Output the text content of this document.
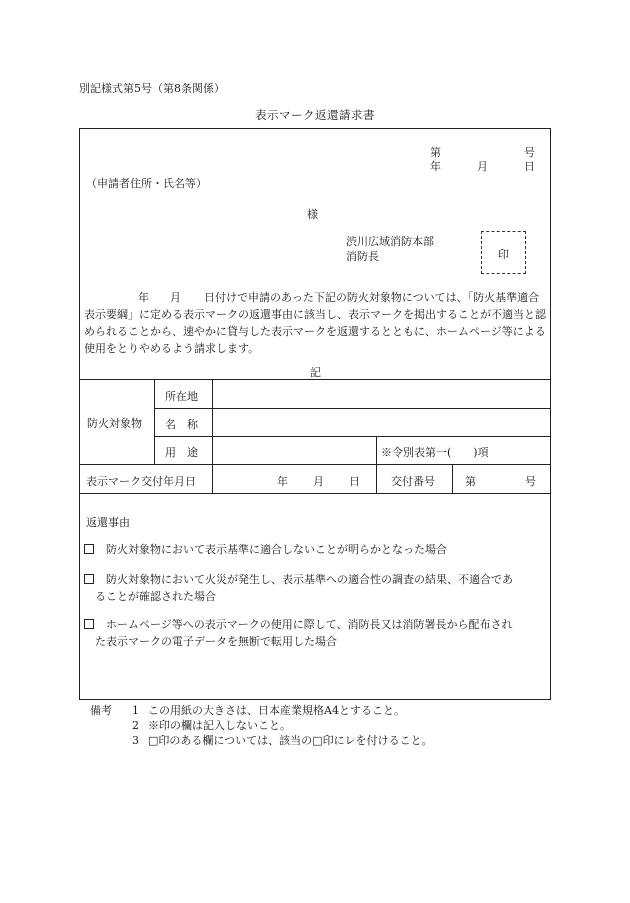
別記様式第5号（第8条関係）
表示マーク返還請求書
第	号
年	月	日
（申請者住所・氏名等）
様
渋川広域消防本部
消防長	印
年 月 日付けで申請のあった下記の防火対象物については、「防火基準適合表示要綱」に定める表示マークの返還事由に該当し、表示マークを掲出することが不適当と認められることから、速やかに貸与した表示マークを返還するとともに、ホームページ等による使用をとりやめるよう請求します。
記
防火対象物
所在地
名　称
用　途	※令別表第一(　　)項
表示マーク交付年月日	年 月 日	交付番号	第	号
返還事由
防火対象物において表示基準に適合しないことが明らかとなった場合
防火対象物において火災が発生し、表示基準への適合性の調査の結果、不適合であ
ることが確認された場合
ホームページ等への表示マークの使用に際して、消防長又は消防署長から配布され
た表示マークの電子データを無断で転用した場合
備考	1 この用紙の大きさは、日本産業規格A4とすること。
2 ※印の欄は記入しないこと。
3 □印のある欄については、該当の□印にレを付けること。
